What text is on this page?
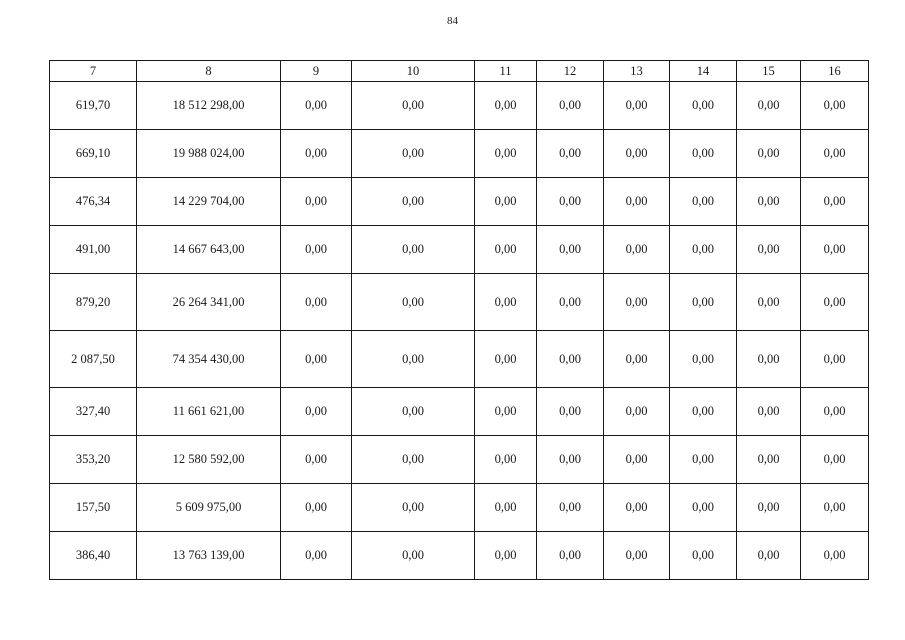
84
7	8	9	10	11	12	13	14	15	16
619,70	18 512 298,00	0,00	0,00	0,00	0,00	0,00	0,00	0,00	0,00
669,10	19 988 024,00	0,00	0,00	0,00	0,00	0,00	0,00	0,00	0,00
476,34	14 229 704,00	0,00	0,00	0,00	0,00	0,00	0,00	0,00	0,00
491,00	14 667 643,00	0,00	0,00	0,00	0,00	0,00	0,00	0,00	0,00
879,20	26 264 341,00	0,00	0,00	0,00	0,00	0,00	0,00	0,00	0,00
2 087,50	74 354 430,00	0,00	0,00	0,00	0,00	0,00	0,00	0,00	0,00
327,40	11 661 621,00	0,00	0,00	0,00	0,00	0,00	0,00	0,00	0,00
353,20	12 580 592,00	0,00	0,00	0,00	0,00	0,00	0,00	0,00	0,00
157,50	5 609 975,00	0,00	0,00	0,00	0,00	0,00	0,00	0,00	0,00
386,40	13 763 139,00	0,00	0,00	0,00	0,00	0,00	0,00	0,00	0,00
